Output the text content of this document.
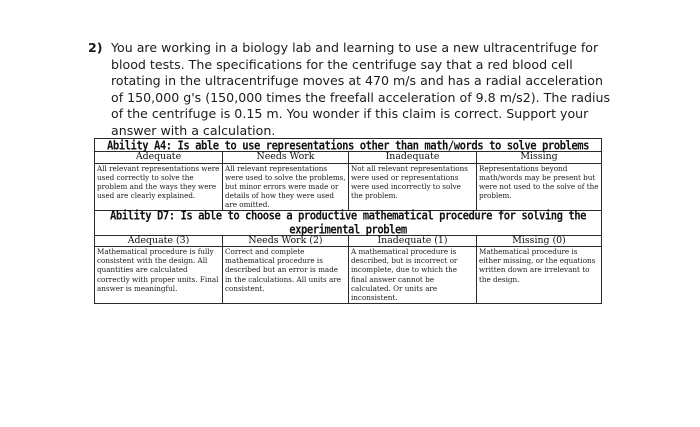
2) You are working in a biology lab and learning to use a new ultracentrifuge for blood tests. The specifications for the centrifuge say that a red blood cell rotating in the ultracentrifuge moves at 470 m/s and has a radial acceleration of 150,000 g's (150,000 times the freefall acceleration of 9.8 m/s2). The radius of the centrifuge is 0.15 m. You wonder if this claim is correct. Support your answer with a calculation.
Ability A4: Is able to use representations other than math/words to solve problems			
Adequate	Needs Work	Inadequate	Missing
All relevant representations were used correctly to solve the problem and the ways they were used are clearly explained.	All relevant representations were used to solve the problems, but minor errors were made or details of how they were used are omitted.	Not all relevant representations were used or representations were used incorrectly to solve the problem.	Representations beyond math/words may be present but were not used to the solve of the problem.
Ability D7: Is able to choose a productive mathematical procedure for solving the experimental problem			
Adequate (3)	Needs Work (2)	Inadequate (1)	Missing (0)
Mathematical procedure is fully consistent with the design. All quantities are calculated correctly with proper units. Final answer is meaningful.	Correct and complete mathematical procedure is described but an error is made in the calculations. All units are consistent.	A mathematical procedure is described, but is incorrect or incomplete, due to which the final answer cannot be calculated. Or units are inconsistent.	Mathematical procedure is either missing, or the equations written down are irrelevant to the design.
